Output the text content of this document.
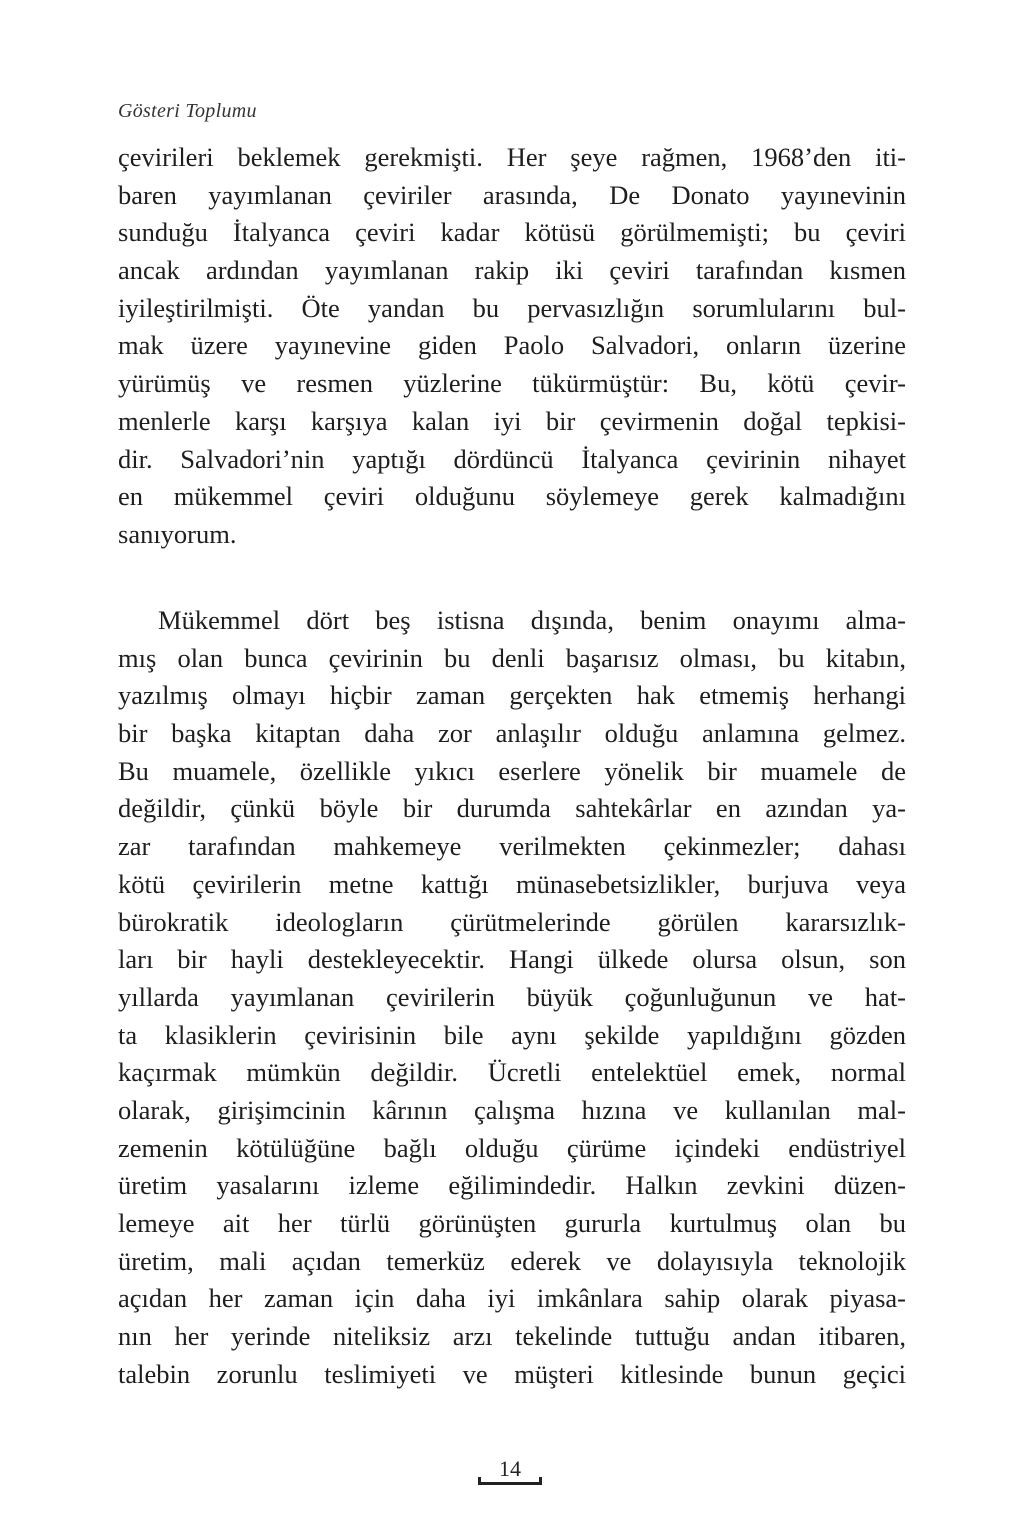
Gösteri Toplumu
çevirileri beklemek gerekmişti. Her şeye rağmen, 1968’den iti-
baren yayımlanan çeviriler arasında, De Donato yayınevinin
sunduğu İtalyanca çeviri kadar kötüsü görülmemişti; bu çeviri
ancak ardından yayımlanan rakip iki çeviri tarafından kısmen
iyileştirilmişti. Öte yandan bu pervasızlığın sorumlularını bul-
mak üzere yayınevine giden Paolo Salvadori, onların üzerine
yürümüş ve resmen yüzlerine tükürmüştür: Bu, kötü çevir-
menlerle karşı karşıya kalan iyi bir çevirmenin doğal tepkisi-
dir. Salvadori’nin yaptığı dördüncü İtalyanca çevirinin nihayet
en mükemmel çeviri olduğunu söylemeye gerek kalmadığını
sanıyorum.
Mükemmel dört beş istisna dışında, benim onayımı alma-
mış olan bunca çevirinin bu denli başarısız olması, bu kitabın,
yazılmış olmayı hiçbir zaman gerçekten hak etmemiş herhangi
bir başka kitaptan daha zor anlaşılır olduğu anlamına gelmez.
Bu muamele, özellikle yıkıcı eserlere yönelik bir muamele de
değildir, çünkü böyle bir durumda sahtekârlar en azından ya-
zar tarafından mahkemeye verilmekten çekinmezler; dahası
kötü çevirilerin metne kattığı münasebetsizlikler, burjuva veya
bürokratik ideologların çürütmelerinde görülen kararsızlık-
ları bir hayli destekleyecektir. Hangi ülkede olursa olsun, son
yıllarda yayımlanan çevirilerin büyük çoğunluğunun ve hat-
ta klasiklerin çevirisinin bile aynı şekilde yapıldığını gözden
kaçırmak mümkün değildir. Ücretli entelektüel emek, normal
olarak, girişimcinin kârının çalışma hızına ve kullanılan mal-
zemenin kötülüğüne bağlı olduğu çürüme içindeki endüstriyel
üretim yasalarını izleme eğilimindedir. Halkın zevkini düzen-
lemeye ait her türlü görünüşten gururla kurtulmuş olan bu
üretim, mali açıdan temerküz ederek ve dolayısıyla teknolojik
açıdan her zaman için daha iyi imkânlara sahip olarak piyasa-
nın her yerinde niteliksiz arzı tekelinde tuttuğu andan itibaren,
talebin zorunlu teslimiyeti ve müşteri kitlesinde bunun geçici
14
